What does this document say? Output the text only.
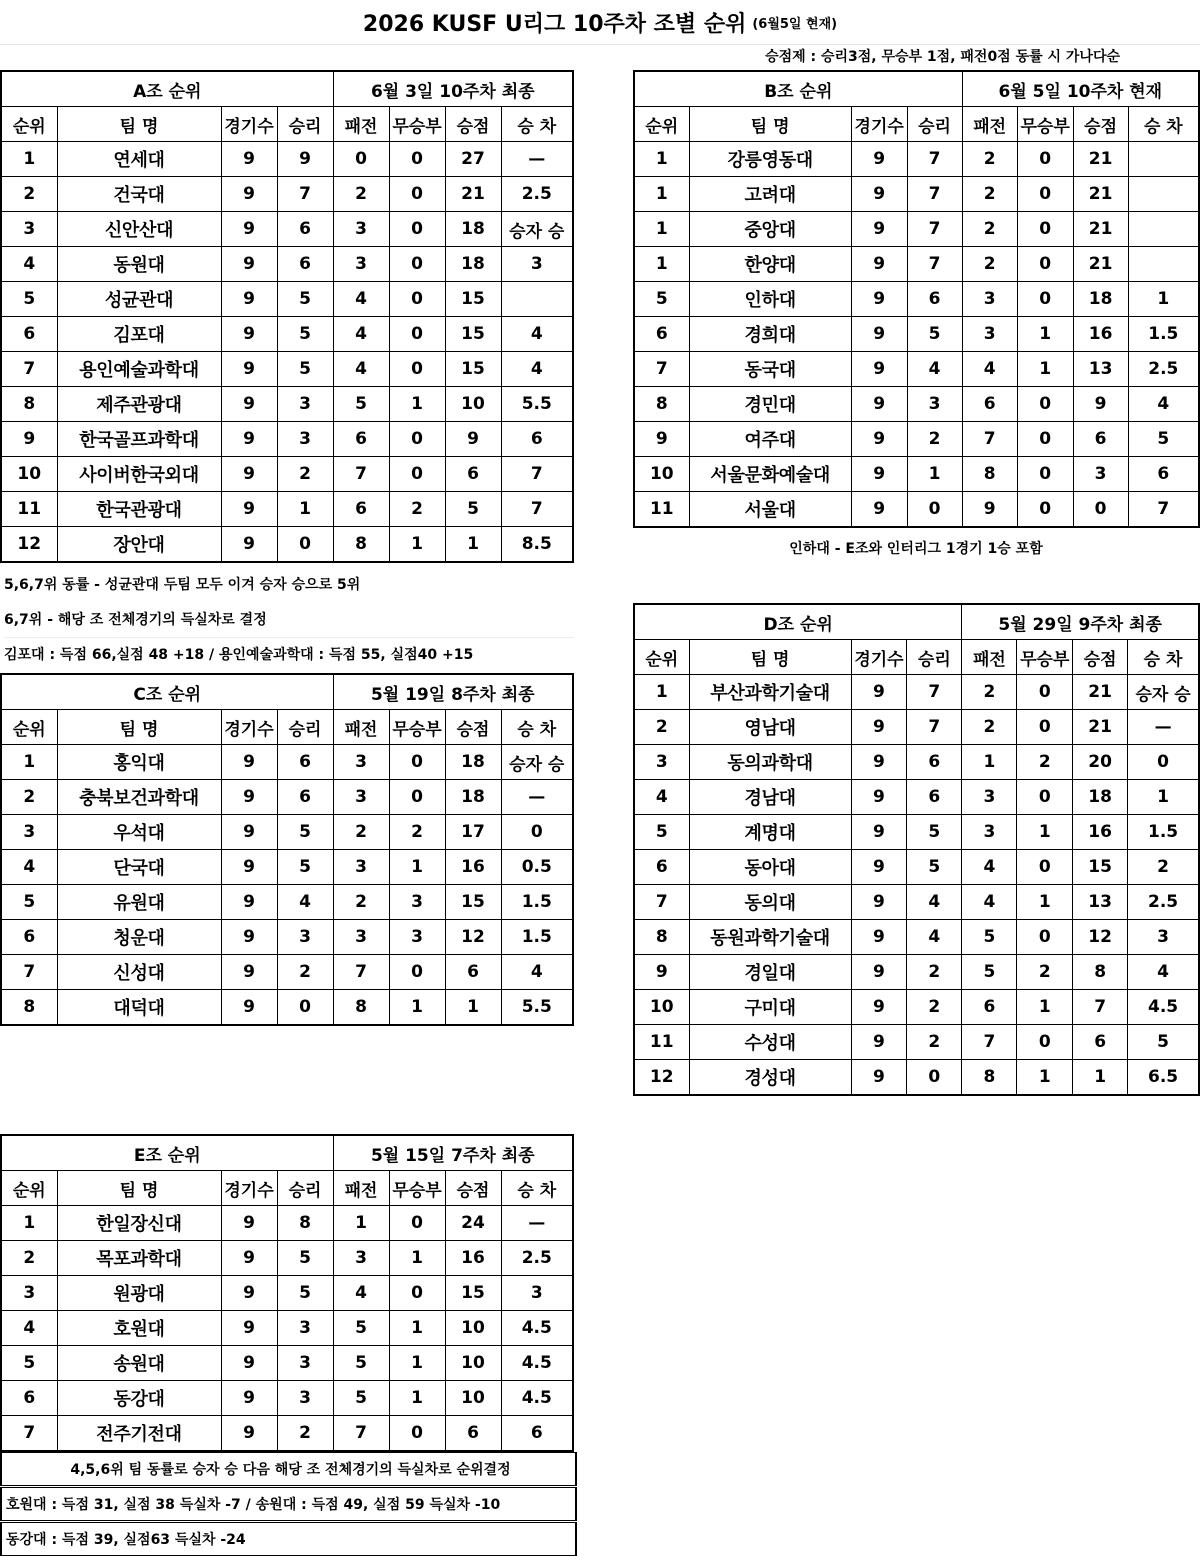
2026 KUSF U리그 10주차 조별 순위 (6월5일 현재)
승점제 : 승리3점, 무승부 1점, 패전0점 동률 시 가나다순
A조 순위				6월 3일 10주차 최종			
순위	팀 명	경기수	승리	패전	무승부	승점	승 차
1	연세대	9	9	0	0	27	—
2	건국대	9	7	2	0	21	2.5
3	신안산대	9	6	3	0	18	승자 승
4	동원대	9	6	3	0	18	3
5	성균관대	9	5	4	0	15	
6	김포대	9	5	4	0	15	4
7	용인예술과학대	9	5	4	0	15	4
8	제주관광대	9	3	5	1	10	5.5
9	한국골프과학대	9	3	6	0	9	6
10	사이버한국외대	9	2	7	0	6	7
11	한국관광대	9	1	6	2	5	7
12	장안대	9	0	8	1	1	8.5
5,6,7위 동률 - 성균관대 두팀 모두 이겨 승자 승으로 5위
6,7위 - 해당 조 전체경기의 득실차로 결정
김포대 : 득점 66,실점 48 +18 / 용인예술과학대 : 득점 55, 실점40 +15
B조 순위				6월 5일 10주차 현재			
순위	팀 명	경기수	승리	패전	무승부	승점	승 차
1	강릉영동대	9	7	2	0	21	
1	고려대	9	7	2	0	21	
1	중앙대	9	7	2	0	21	
1	한양대	9	7	2	0	21	
5	인하대	9	6	3	0	18	1
6	경희대	9	5	3	1	16	1.5
7	동국대	9	4	4	1	13	2.5
8	경민대	9	3	6	0	9	4
9	여주대	9	2	7	0	6	5
10	서울문화예술대	9	1	8	0	3	6
11	서울대	9	0	9	0	0	7
인하대 - E조와 인터리그 1경기 1승 포함
C조 순위				5월 19일 8주차 최종			
순위	팀 명	경기수	승리	패전	무승부	승점	승 차
1	홍익대	9	6	3	0	18	승자 승
2	충북보건과학대	9	6	3	0	18	—
3	우석대	9	5	2	2	17	0
4	단국대	9	5	3	1	16	0.5
5	유원대	9	4	2	3	15	1.5
6	청운대	9	3	3	3	12	1.5
7	신성대	9	2	7	0	6	4
8	대덕대	9	0	8	1	1	5.5
D조 순위				5월 29일 9주차 최종			
순위	팀 명	경기수	승리	패전	무승부	승점	승 차
1	부산과학기술대	9	7	2	0	21	승자 승
2	영남대	9	7	2	0	21	—
3	동의과학대	9	6	1	2	20	0
4	경남대	9	6	3	0	18	1
5	계명대	9	5	3	1	16	1.5
6	동아대	9	5	4	0	15	2
7	동의대	9	4	4	1	13	2.5
8	동원과학기술대	9	4	5	0	12	3
9	경일대	9	2	5	2	8	4
10	구미대	9	2	6	1	7	4.5
11	수성대	9	2	7	0	6	5
12	경성대	9	0	8	1	1	6.5
E조 순위				5월 15일 7주차 최종			
순위	팀 명	경기수	승리	패전	무승부	승점	승 차
1	한일장신대	9	8	1	0	24	—
2	목포과학대	9	5	3	1	16	2.5
3	원광대	9	5	4	0	15	3
4	호원대	9	3	5	1	10	4.5
5	송원대	9	3	5	1	10	4.5
6	동강대	9	3	5	1	10	4.5
7	전주기전대	9	2	7	0	6	6
4,5,6위 팀 동률로 승자 승 다음 해당 조 전체경기의 득실차로 순위결정
호원대 : 득점 31, 실점 38 득실차 -7 / 송원대 : 득점 49, 실점 59 득실차 -10
동강대 : 득점 39, 실점63 득실차 -24
